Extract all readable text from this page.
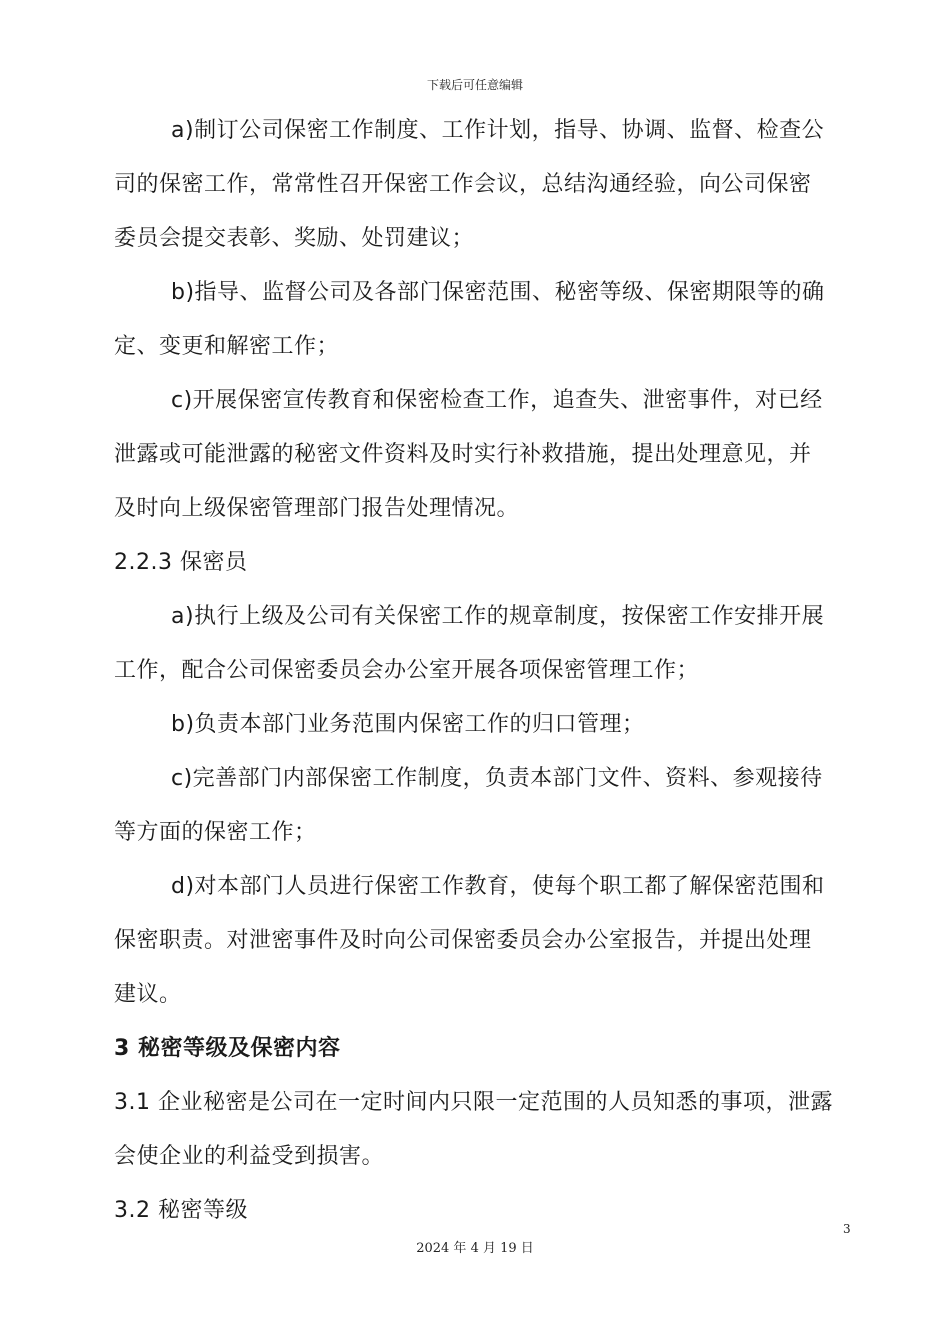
下载后可任意编辑
a)制订公司保密工作制度、工作计划，指导、协调、监督、检查公
司的保密工作，常常性召开保密工作会议，总结沟通经验，向公司保密
委员会提交表彰、奖励、处罚建议；
b)指导、监督公司及各部门保密范围、秘密等级、保密期限等的确
定、变更和解密工作；
c)开展保密宣传教育和保密检查工作，追查失、泄密事件，对已经
泄露或可能泄露的秘密文件资料及时实行补救措施，提出处理意见，并
及时向上级保密管理部门报告处理情况。
2.2.3 保密员
a)执行上级及公司有关保密工作的规章制度，按保密工作安排开展
工作，配合公司保密委员会办公室开展各项保密管理工作；
b)负责本部门业务范围内保密工作的归口管理；
c)完善部门内部保密工作制度，负责本部门文件、资料、参观接待
等方面的保密工作；
d)对本部门人员进行保密工作教育，使每个职工都了解保密范围和
保密职责。对泄密事件及时向公司保密委员会办公室报告，并提出处理
建议。
3 秘密等级及保密内容
3.1 企业秘密是公司在一定时间内只限一定范围的人员知悉的事项，泄露
会使企业的利益受到损害。
3.2 秘密等级
3
2024 年 4 月 19 日
